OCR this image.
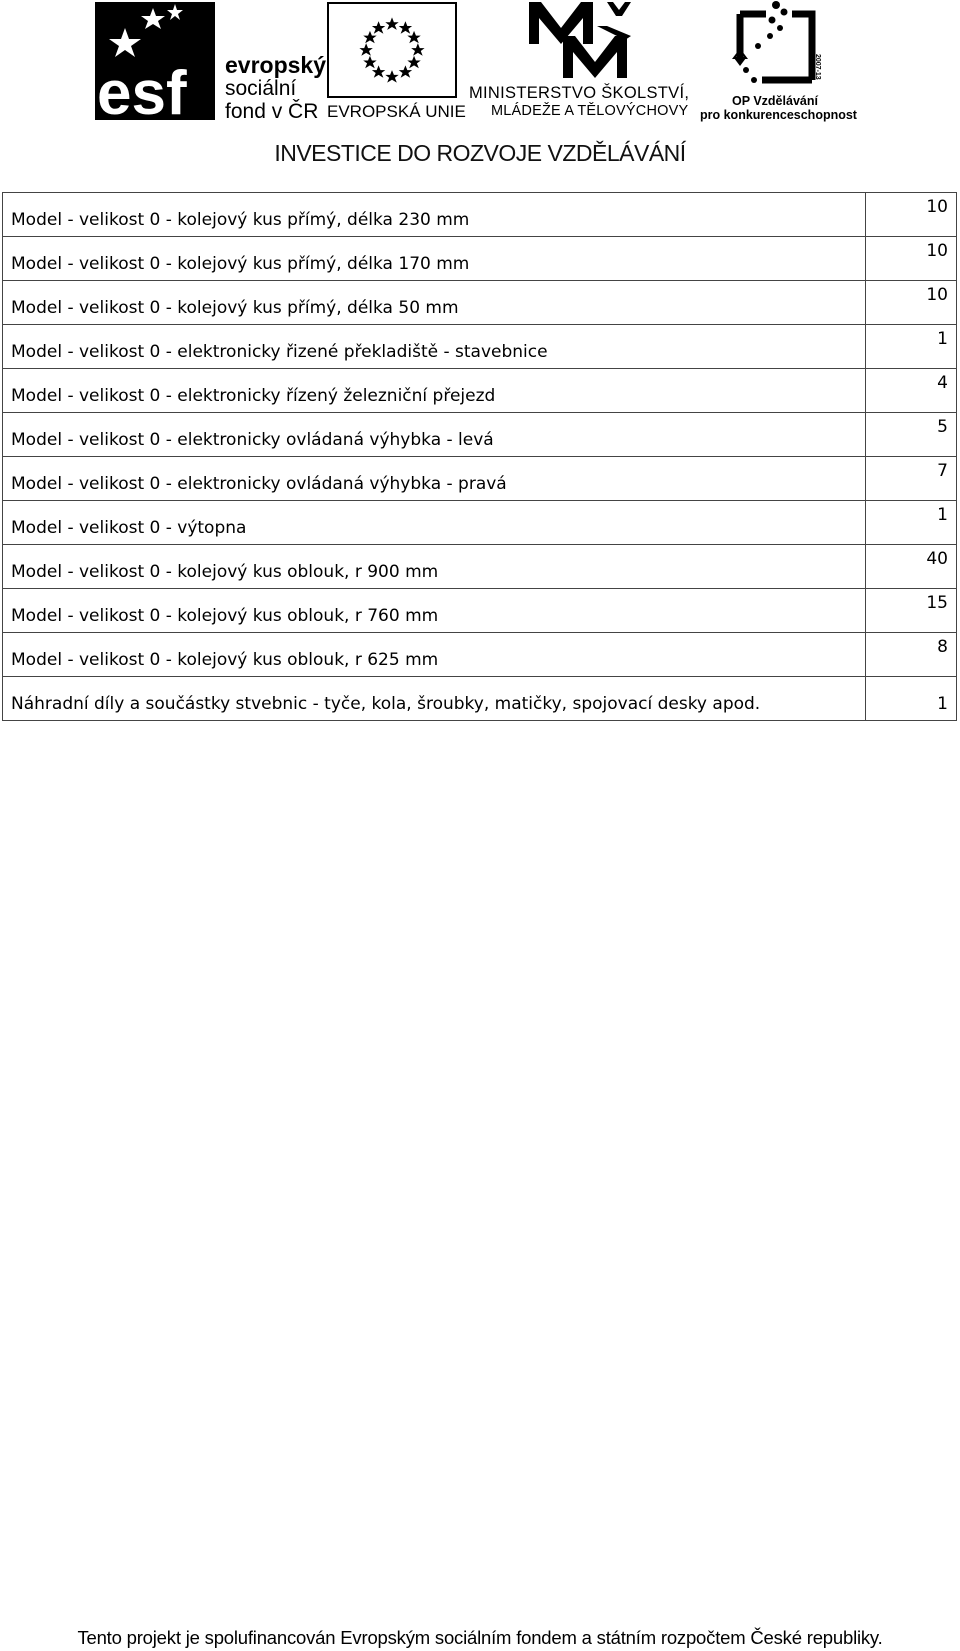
esf evropský
sociální
fond v ČR EVROPSKÁ UNIE
MINISTERSTVO ŠKOLSTVÍ,
MLÁDEŽE A TĚLOVÝCHOVY
2007-13
OP Vzdělávání
pro konkurenceschopnost
INVESTICE DO ROZVOJE VZDĚLÁVÁNÍ
Model - velikost 0 - kolejový kus přímý, délka 230 mm	10
Model - velikost 0 - kolejový kus přímý, délka 170 mm	10
Model - velikost 0 - kolejový kus přímý, délka 50 mm	10
Model - velikost 0 - elektronicky řizené překladiště - stavebnice	1
Model - velikost 0 - elektronicky řízený železniční přejezd	4
Model - velikost 0 - elektronicky ovládaná výhybka - levá	5
Model - velikost 0 - elektronicky ovládaná výhybka - pravá	7
Model - velikost 0 - výtopna	1
Model - velikost 0 - kolejový kus oblouk, r 900 mm	40
Model - velikost 0 - kolejový kus oblouk, r 760 mm	15
Model - velikost 0 - kolejový kus oblouk, r 625 mm	8
Náhradní díly a součástky stvebnic - tyče, kola, šroubky, matičky, spojovací desky apod.	1
Tento projekt je spolufinancován Evropským sociálním fondem a státním rozpočtem České republiky.
